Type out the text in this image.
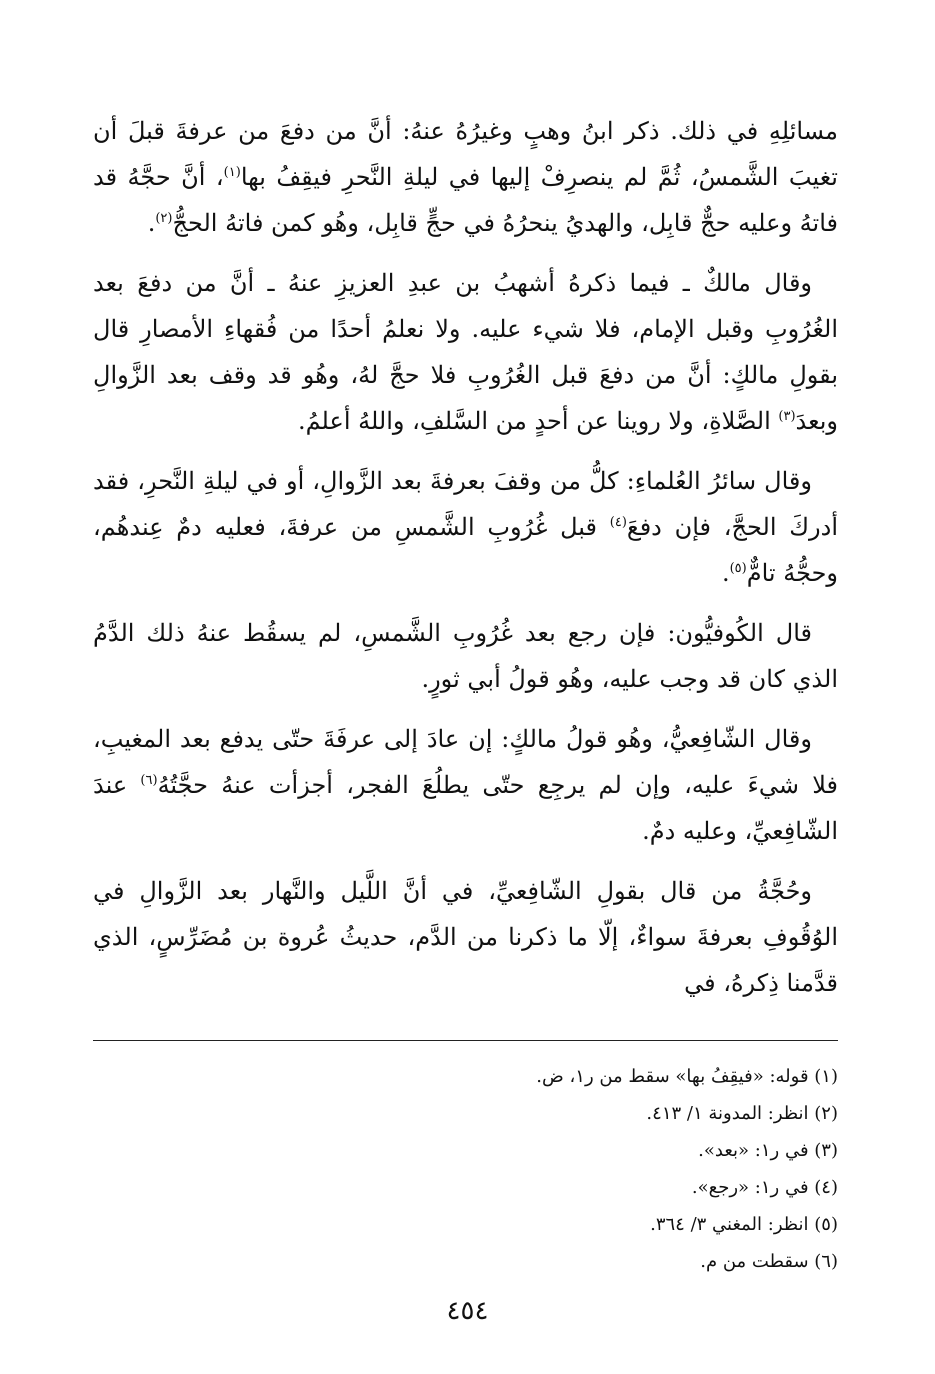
مسائلِهِ في ذلك. ذكر ابنُ وهبٍ وغيرُهُ عنهُ: أنَّ من دفعَ من عرفةَ قبلَ أن تغيبَ الشَّمسُ، ثُمَّ لم ينصرِفْ إليها في ليلةِ النَّحرِ فيقِفُ بها$^{(١)}$، أنَّ حجَّهُ قد فاتهُ وعليه حجٌّ قابِل، والهديُ ينحرُهُ في حجٍّ قابِل، وهُو كمن فاتهُ الحجُّ$^{(٢)}$.

وقال مالكٌ ـ فيما ذكرهُ أشهبُ بن عبدِ العزيزِ عنهُ ـ أنَّ من دفعَ بعد الغُرُوبِ وقبل الإمام، فلا شيء عليه. ولا نعلمُ أحدًا من فُقهاءِ الأمصارِ قال بقولِ مالكٍ: أنَّ من دفعَ قبل الغُرُوبِ فلا حجَّ لهُ، وهُو قد وقف بعد الزَّوالِ وبعدَ$^{(٣)}$ الصَّلاةِ، ولا روينا عن أحدٍ من السَّلفِ، واللهُ أعلمُ.

وقال سائرُ العُلماءِ: كلُّ من وقفَ بعرفةَ بعد الزَّوالِ، أو في ليلةِ النَّحرِ، فقد أدركَ الحجَّ، فإن دفعَ$^{(٤)}$ قبل غُرُوبِ الشَّمسِ من عرفةَ، فعليه دمٌ عِندهُم، وحجُّهُ تامٌّ$^{(٥)}$.

قال الكُوفيُّون: فإن رجع بعد غُرُوبِ الشَّمسِ، لم يسقُط عنهُ ذلك الدَّمُ الذي كان قد وجب عليه، وهُو قولُ أبي ثورٍ.

وقال الشّافِعيُّ، وهُو قولُ مالكٍ: إن عادَ إلى عرفَةَ حتّى يدفع بعد المغيبِ، فلا شيءَ عليه، وإن لم يرجِع حتّى يطلُعَ الفجر، أجزأت عنهُ حجَّتُهُ$^{(٦)}$ عندَ الشّافِعيِّ، وعليه دمٌ.

وحُجَّةُ من قال بقولِ الشّافِعيِّ، في أنَّ اللَّيل والنَّهار بعد الزَّوالِ في الوُقُوفِ بعرفةَ سواءٌ، إلّا ما ذكرنا من الدَّم، حديثُ عُروة بن مُضَرِّسٍ، الذي قدَّمنا ذِكرهُ، في

(١) قوله: «فيقِفُ بها» سقط من ر١، ض.
(٢) انظر: المدونة ١/ ٤١٣.
(٣) في ر١: «بعد».
(٤) في ر١: «رجع».
(٥) انظر: المغني ٣/ ٣٦٤.
(٦) سقطت من م.
٤٥٤
